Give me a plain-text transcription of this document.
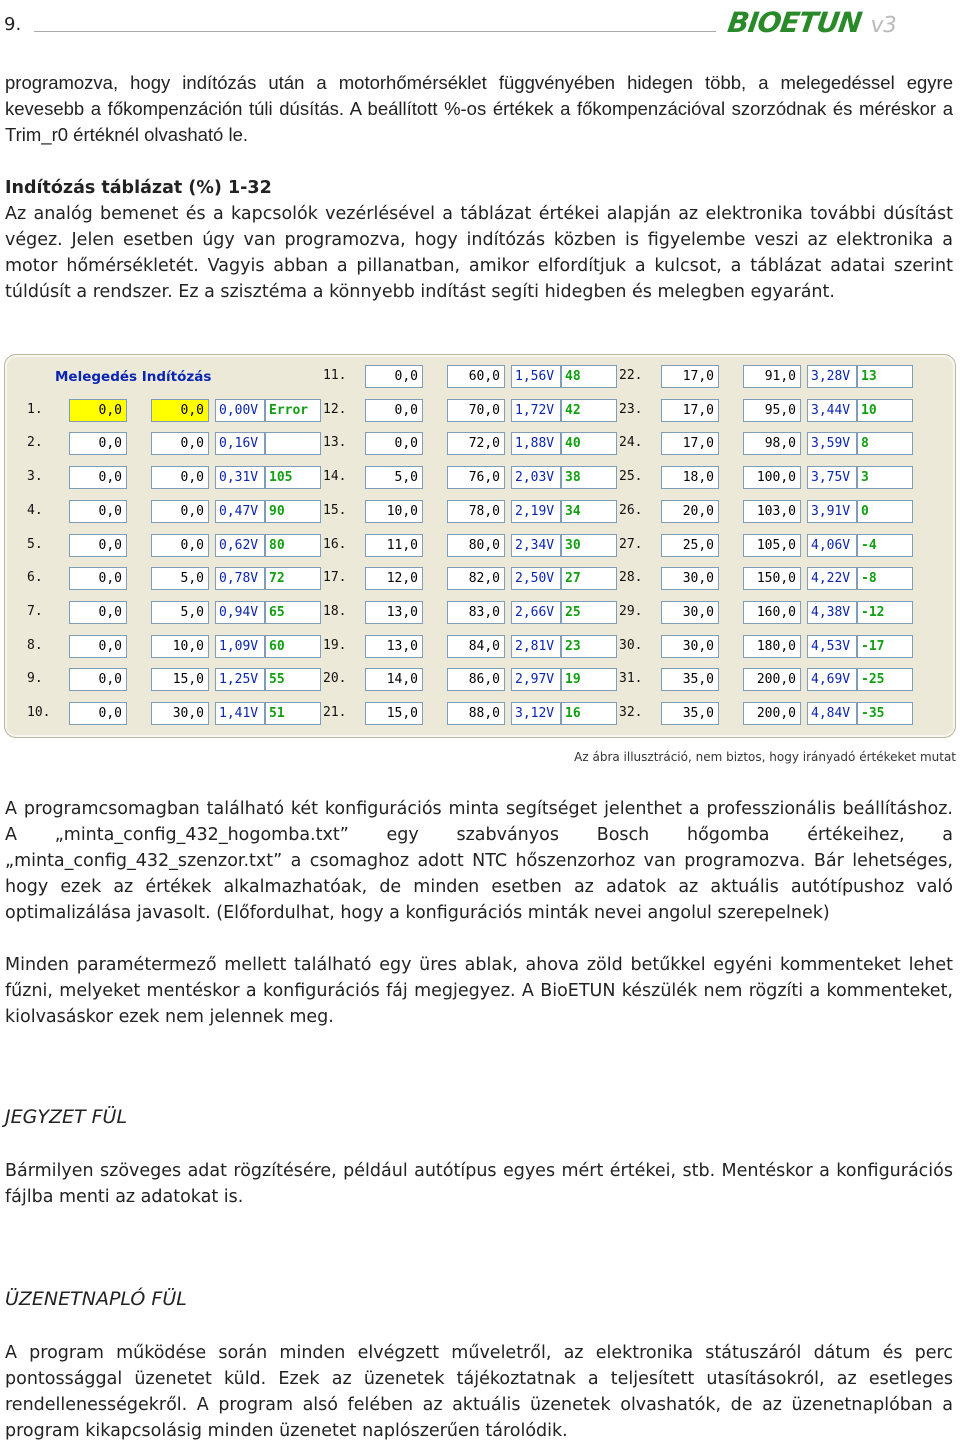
9.	BIOETUN v3

programozva, hogy indítózás után a motorhőmérséklet függvényében hidegen több, a melegedéssel egyre kevesebb a főkompenzáción túli dúsítás. A beállított %-os értékek a főkompenzációval szorzódnak és méréskor a Trim_r0 értéknél olvasható le.

Indítózás táblázat (%) 1-32

Az analóg bemenet és a kapcsolók vezérlésével a táblázat értékei alapján az elektronika további dúsítást végez. Jelen esetben úgy van programozva, hogy indítózás közben is figyelembe veszi az elektronika a motor hőmérsékletét. Vagyis abban a pillanatban, amikor elfordítjuk a kulcsot, a táblázat adatai szerint túldúsít a rendszer. Ez a szisztéma a könnyebb indítást segíti hidegben és melegben egyaránt.

Melegedés Indítózás
1.	0,0	0,0	0,00V Error
2.	0,0	0,0	0,16V
3.	0,0	0,0	0,31V 105
4.	0,0	0,0	0,47V 90
5.	0,0	0,0	0,62V 80
6.	0,0	5,0	0,78V 72
7.	0,0	5,0	0,94V 65
8.	0,0	10,0	1,09V 60
9.	0,0	15,0	1,25V 55
10.	0,0	30,0	1,41V 51
11.	0,0	60,0	1,56V 48
12.	0,0	70,0	1,72V 42
13.	0,0	72,0	1,88V 40
14.	5,0	76,0	2,03V 38
15.	10,0	78,0	2,19V 34
16.	11,0	80,0	2,34V 30
17.	12,0	82,0	2,50V 27
18.	13,0	83,0	2,66V 25
19.	13,0	84,0	2,81V 23
20.	14,0	86,0	2,97V 19
21.	15,0	88,0	3,12V 16
22.	17,0	91,0	3,28V 13
23.	17,0	95,0	3,44V 10
24.	17,0	98,0	3,59V 8
25.	18,0	100,0	3,75V 3
26.	20,0	103,0	3,91V 0
27.	25,0	105,0	4,06V -4
28.	30,0	150,0	4,22V -8
29.	30,0	160,0	4,38V -12
30.	30,0	180,0	4,53V -17
31.	35,0	200,0	4,69V -25
32.	35,0	200,0	4,84V -35
Az ábra illusztráció, nem biztos, hogy irányadó értékeket mutat

A programcsomagban található két konfigurációs minta segítséget jelenthet a professzionális beállításhoz. A „minta_config_432_hogomba.txt” egy szabványos Bosch hőgomba értékeihez, a „minta_config_432_szenzor.txt” a csomaghoz adott NTC hőszenzorhoz van programozva. Bár lehetséges, hogy ezek az értékek alkalmazhatóak, de minden esetben az adatok az aktuális autótípushoz való optimalizálása javasolt. (Előfordulhat, hogy a konfigurációs minták nevei angolul szerepelnek)

Minden paramétermező mellett található egy üres ablak, ahova zöld betűkkel egyéni kommenteket lehet fűzni, melyeket mentéskor a konfigurációs fáj megjegyez. A BioETUN készülék nem rögzíti a kommenteket, kiolvasáskor ezek nem jelennek meg.

JEGYZET FÜL

Bármilyen szöveges adat rögzítésére, például autótípus egyes mért értékei, stb. Mentéskor a konfigurációs fájlba menti az adatokat is.

ÜZENETNAPLÓ FÜL

A program működése során minden elvégzett műveletről, az elektronika státuszáról dátum és perc pontossággal üzenetet küld. Ezek az üzenetek tájékoztatnak a teljesített utasításokról, az esetleges rendellenességekről. A program alsó felében az aktuális üzenetek olvashatók, de az üzenetnaplóban a program kikapcsolásig minden üzenetet naplószerűen tárolódik.
